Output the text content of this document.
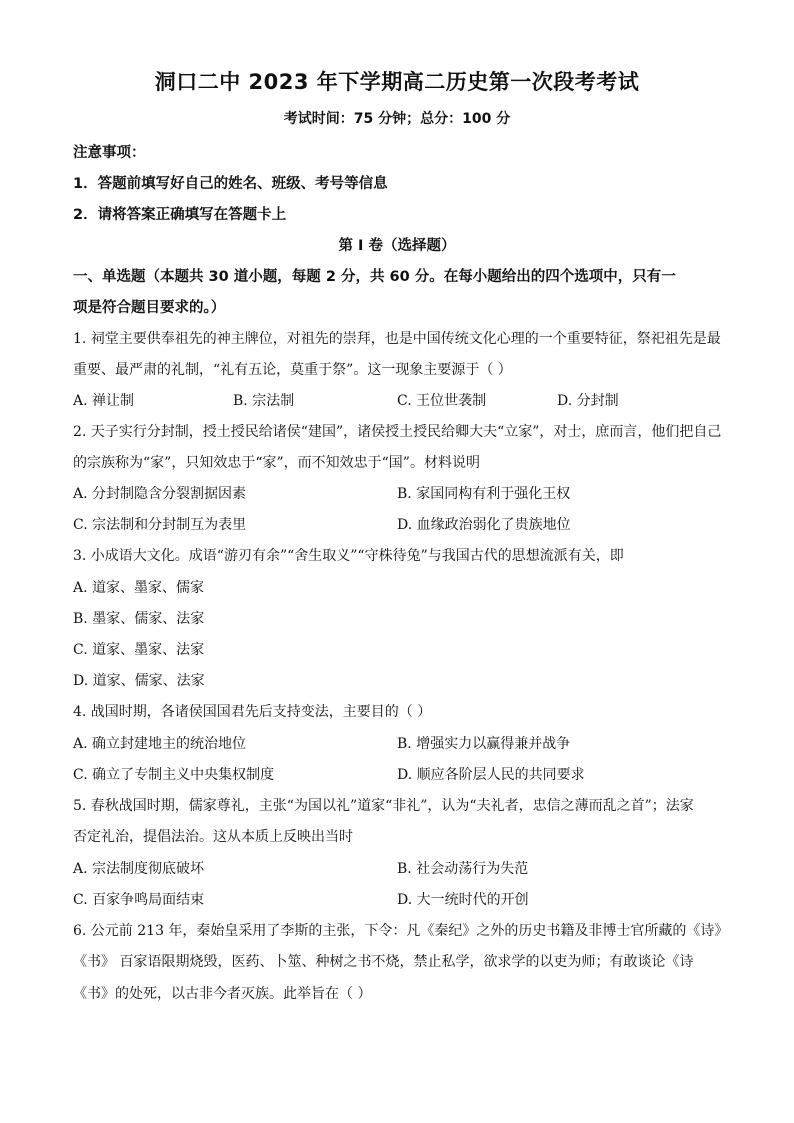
洞口二中 2023 年下学期高二历史第一次段考考试
考试时间：75 分钟；总分：100 分
注意事项：
1．答题前填写好自己的姓名、班级、考号等信息
2．请将答案正确填写在答题卡上
第 I 卷（选择题）
一、单选题（本题共 30 道小题，每题 2 分，共 60 分。在每小题给出的四个选项中，只有一
项是符合题目要求的。）
1. 祠堂主要供奉祖先的神主牌位，对祖先的崇拜，也是中国传统文化心理的一个重要特征，祭祀祖先是最
重要、最严肃的礼制，“礼有五论，莫重于祭”。这一现象主要源于（ ）
A. 禅让制	B. 宗法制	C. 王位世袭制	D. 分封制
2. 天子实行分封制，授土授民给诸侯“建国”，诸侯授土授民给卿大夫“立家”，对士，庶而言，他们把自己
的宗族称为“家”，只知效忠于“家”，而不知效忠于“国”。材料说明
A. 分封制隐含分裂割据因素	B. 家国同构有利于强化王权
C. 宗法制和分封制互为表里	D. 血缘政治弱化了贵族地位
3. 小成语大文化。成语“游刃有余”“舍生取义”“守株待兔”与我国古代的思想流派有关，即
A. 道家、墨家、儒家
B. 墨家、儒家、法家
C. 道家、墨家、法家
D. 道家、儒家、法家
4. 战国时期，各诸侯国国君先后支持变法，主要目的（ ）
A. 确立封建地主的统治地位	B. 增强实力以赢得兼并战争
C. 确立了专制主义中央集权制度	D. 顺应各阶层人民的共同要求
5. 春秋战国时期，儒家尊礼，主张“为国以礼”道家“非礼”，认为“夫礼者，忠信之薄而乱之首”；法家
否定礼治，提倡法治。这从本质上反映出当时
A. 宗法制度彻底破坏	B. 社会动荡行为失范
C. 百家争鸣局面结束	D. 大一统时代的开创
6. 公元前 213 年，秦始皇采用了李斯的主张，下令：凡《秦纪》之外的历史书籍及非博士官所藏的《诗》
《书》 百家语限期烧毁，医药、卜筮、种树之书不烧，禁止私学，欲求学的以吏为师；有敢谈论《诗
《书》的处死，以古非今者灭族。此举旨在（ ）
